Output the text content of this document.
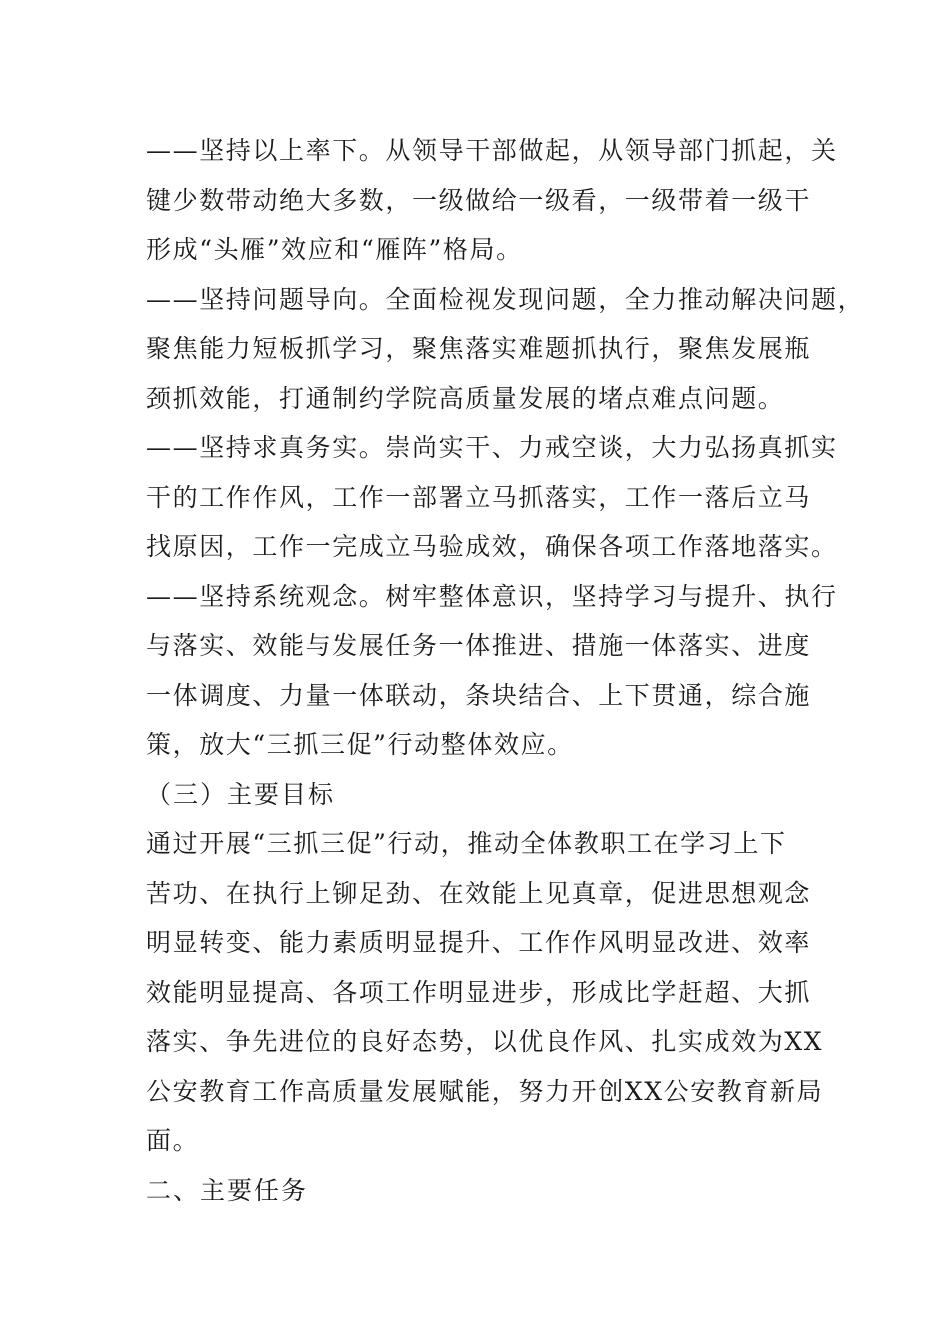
——坚持以上率下。从领导干部做起，从领导部门抓起，关
键少数带动绝大多数，一级做给一级看，一级带着一级干
形成“头雁”效应和“雁阵”格局。
——坚持问题导向。全面检视发现问题，全力推动解决问题，
聚焦能力短板抓学习，聚焦落实难题抓执行，聚焦发展瓶
颈抓效能，打通制约学院高质量发展的堵点难点问题。
——坚持求真务实。崇尚实干、力戒空谈，大力弘扬真抓实
干的工作作风，工作一部署立马抓落实，工作一落后立马
找原因，工作一完成立马验成效，确保各项工作落地落实。
——坚持系统观念。树牢整体意识，坚持学习与提升、执行
与落实、效能与发展任务一体推进、措施一体落实、进度
一体调度、力量一体联动，条块结合、上下贯通，综合施
策，放大“三抓三促”行动整体效应。
（三）主要目标
通过开展“三抓三促”行动，推动全体教职工在学习上下
苦功、在执行上铆足劲、在效能上见真章，促进思想观念
明显转变、能力素质明显提升、工作作风明显改进、效率
效能明显提高、各项工作明显进步，形成比学赶超、大抓
落实、争先进位的良好态势，以优良作风、扎实成效为XX
公安教育工作高质量发展赋能，努力开创XX公安教育新局
面。
二、主要任务
